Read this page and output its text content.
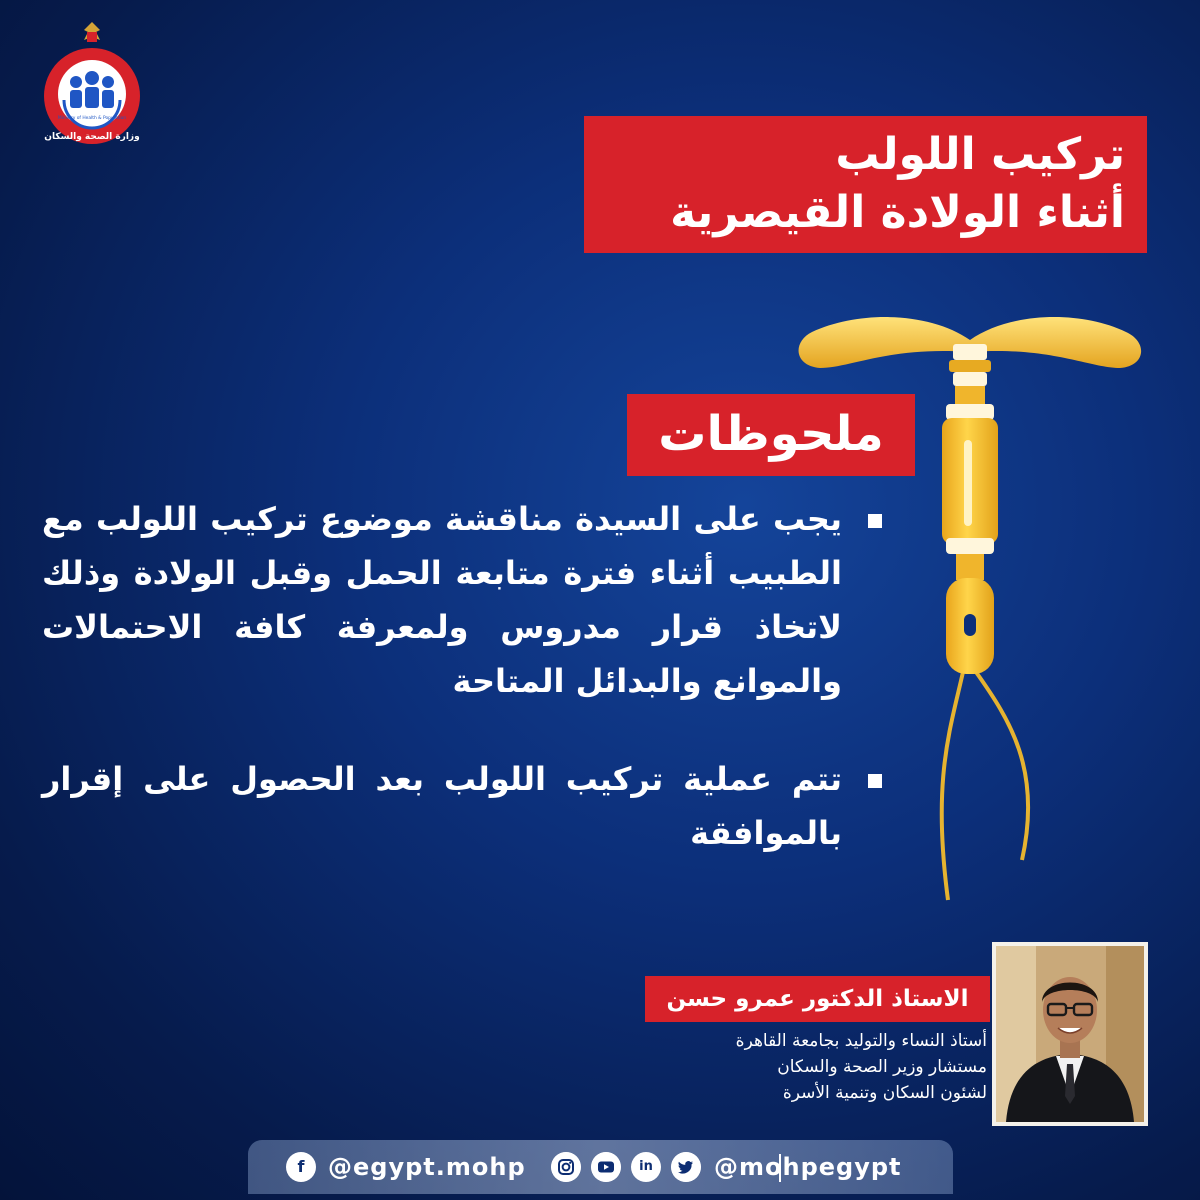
Ministry of Health & Population
وزارة الصحة والسكان	تركيب اللولب
أثناء الولادة القيصرية
ملحوظات
يجب على السيدة مناقشة موضوع تركيب اللولب مع الطبيب أثناء فترة متابعة الحمل وقبل الولادة وذلك لاتخاذ قرار مدروس ولمعرفة كافة الاحتمالات والموانع والبدائل المتاحة
تتم عملية تركيب اللولب بعد الحصول على إقرار بالموافقة
الاستاذ الدكتور عمرو حسن
أستاذ النساء والتوليد بجامعة القاهرة
مستشار وزير الصحة والسكان
لشئون السكان وتنمية الأسرة
f @egypt.mohp	in	@mohpegypt
